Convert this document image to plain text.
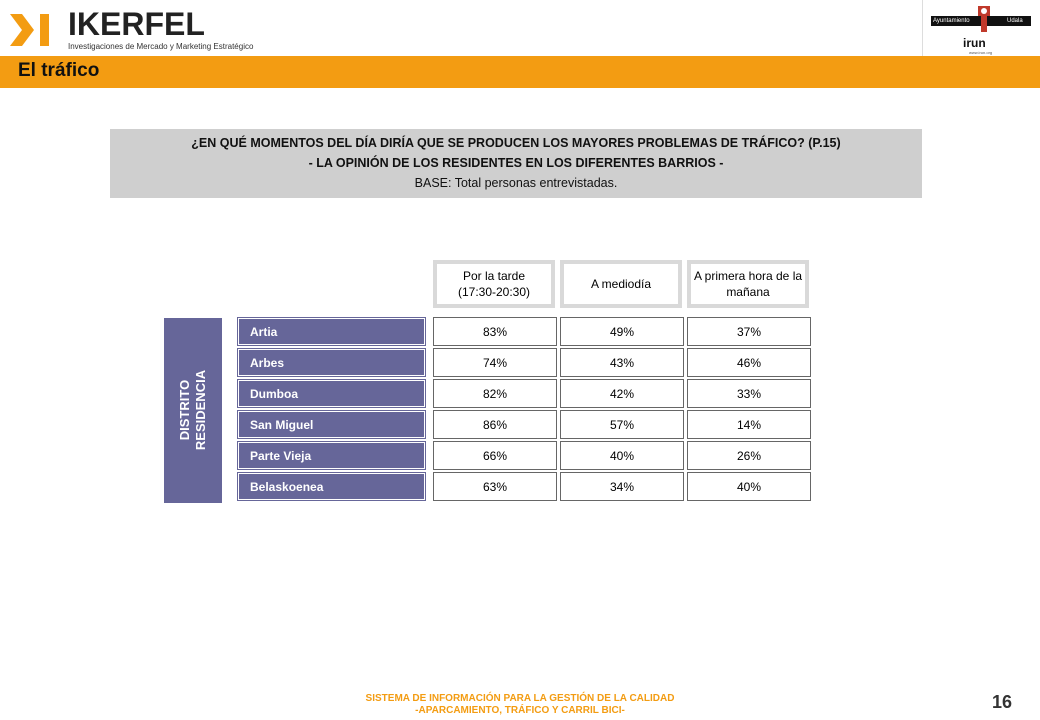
IKERFEL
Investigaciones de Mercado y Marketing Estratégico
Ayuntamiento	Udala
irun
www.irun.org
El tráfico
¿EN QUÉ MOMENTOS DEL DÍA DIRÍA QUE SE PRODUCEN LOS MAYORES PROBLEMAS DE TRÁFICO? (P.15)
- LA OPINIÓN DE LOS RESIDENTES EN LOS DIFERENTES BARRIOS -
BASE: Total personas entrevistadas.
Por la tarde
(17:30-20:30)
A mediodía
A primera hora de la mañana
DISTRITO RESIDENCIA
Artia	83%	49%	37%
Arbes	74%	43%	46%
Dumboa	82%	42%	33%
San Miguel	86%	57%	14%
Parte Vieja	66%	40%	26%
Belaskoenea	63%	34%	40%
SISTEMA DE INFORMACIÓN PARA LA GESTIÓN DE LA CALIDAD
-APARCAMIENTO, TRÁFICO Y CARRIL BICI-	16
